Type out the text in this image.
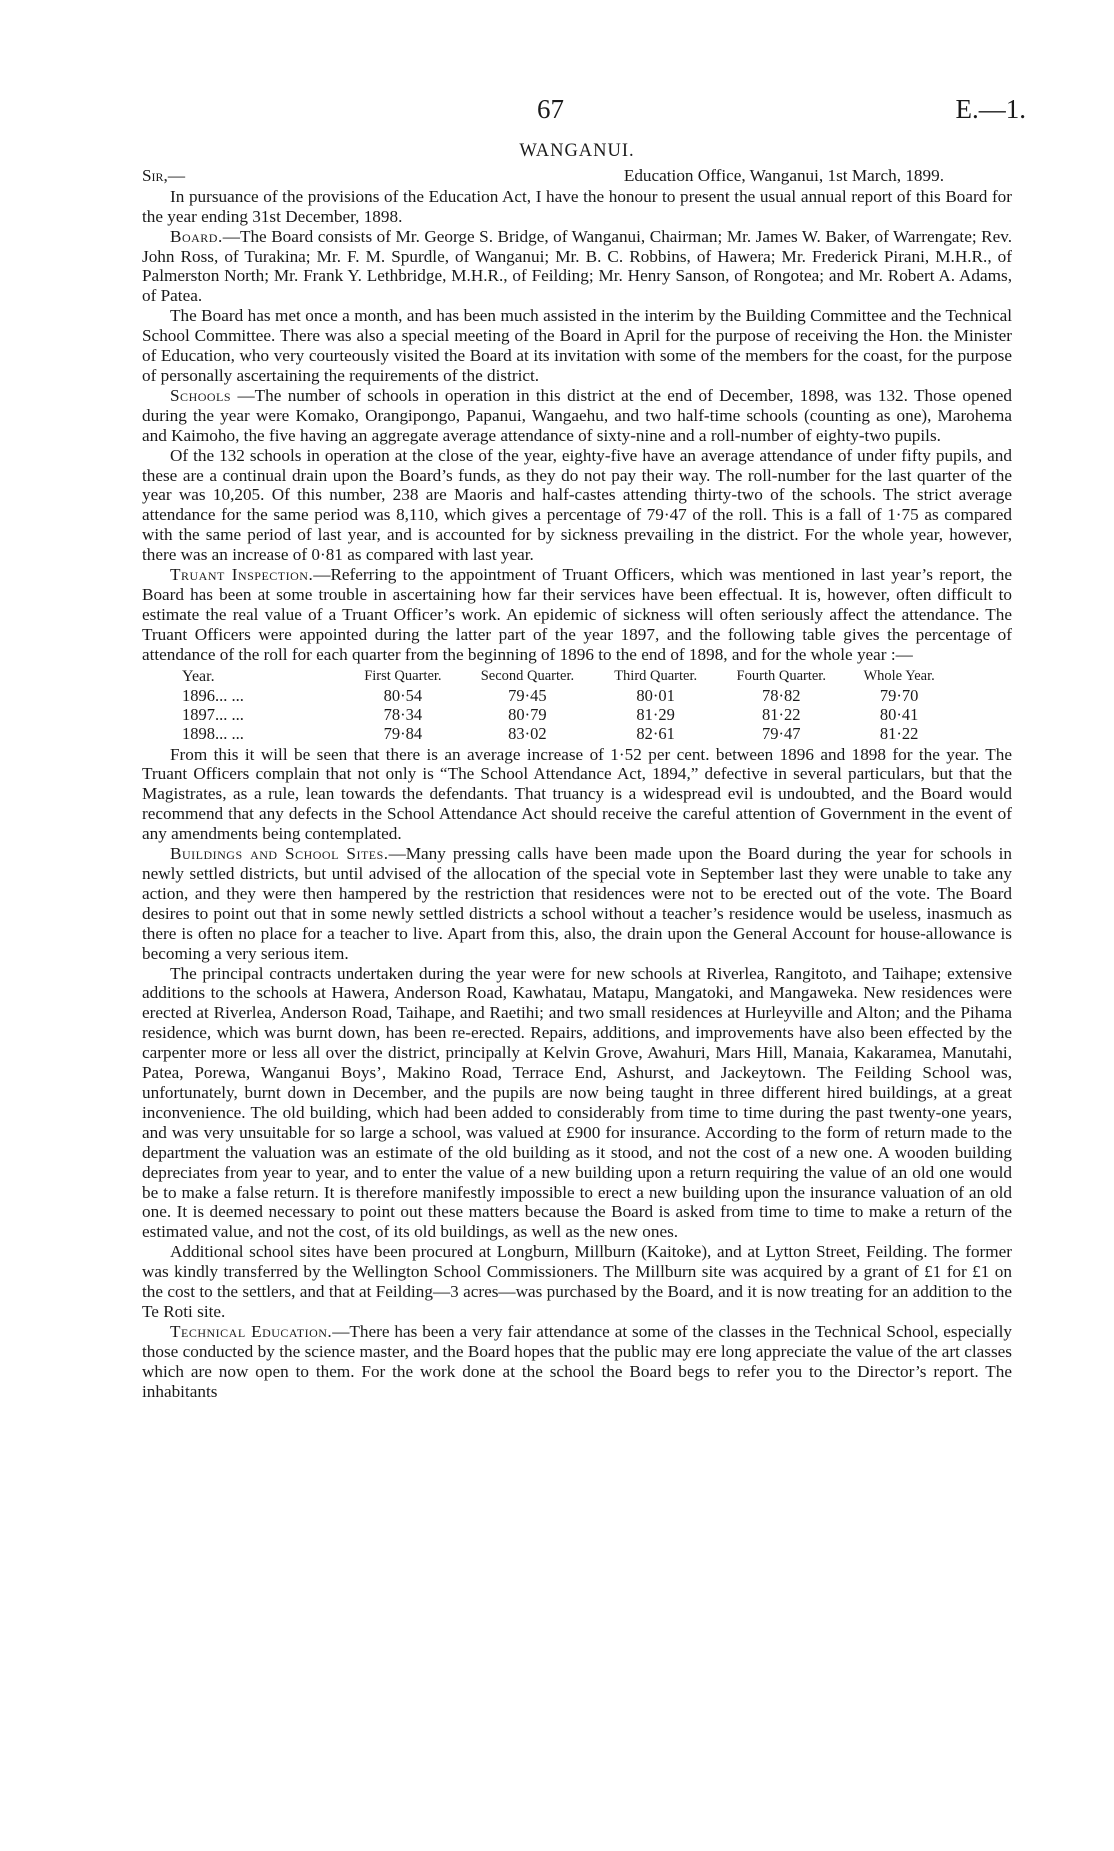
67	E.—1.
WANGANUI.
Sir,—	Education Office, Wanganui, 1st March, 1899.

In pursuance of the provisions of the Education Act, I have the honour to present the usual annual report of this Board for the year ending 31st December, 1898.

Board.—The Board consists of Mr. George S. Bridge, of Wanganui, Chairman; Mr. James W. Baker, of Warrengate; Rev. John Ross, of Turakina; Mr. F. M. Spurdle, of Wanganui; Mr. B. C. Robbins, of Hawera; Mr. Frederick Pirani, M.H.R., of Palmerston North; Mr. Frank Y. Lethbridge, M.H.R., of Feilding; Mr. Henry Sanson, of Rongotea; and Mr. Robert A. Adams, of Patea.

The Board has met once a month, and has been much assisted in the interim by the Building Committee and the Technical School Committee. There was also a special meeting of the Board in April for the purpose of receiving the Hon. the Minister of Education, who very courteously visited the Board at its invitation with some of the members for the coast, for the purpose of personally ascertaining the requirements of the district.

Schools —The number of schools in operation in this district at the end of December, 1898, was 132. Those opened during the year were Komako, Orangipongo, Papanui, Wangaehu, and two half-time schools (counting as one), Marohema and Kaimoho, the five having an aggregate average attendance of sixty-nine and a roll-number of eighty-two pupils.

Of the 132 schools in operation at the close of the year, eighty-five have an average attendance of under fifty pupils, and these are a continual drain upon the Board’s funds, as they do not pay their way. The roll-number for the last quarter of the year was 10,205. Of this number, 238 are Maoris and half-castes attending thirty-two of the schools. The strict average attendance for the same period was 8,110, which gives a percentage of 79·47 of the roll. This is a fall of 1·75 as compared with the same period of last year, and is accounted for by sickness prevailing in the district. For the whole year, however, there was an increase of 0·81 as compared with last year.

Truant Inspection.—Referring to the appointment of Truant Officers, which was mentioned in last year’s report, the Board has been at some trouble in ascertaining how far their services have been effectual. It is, however, often difficult to estimate the real value of a Truant Officer’s work. An epidemic of sickness will often seriously affect the attendance. The Truant Officers were appointed during the latter part of the year 1897, and the following table gives the percentage of attendance of the roll for each quarter from the beginning of 1896 to the end of 1898, and for the whole year :—

Year.	First Quarter.	Second Quarter.	Third Quarter.	Fourth Quarter.	Whole Year.
1896... ...	80·54	79·45	80·01	78·82	79·70
1897... ...	78·34	80·79	81·29	81·22	80·41
1898... ...	79·84	83·02	82·61	79·47	81·22

From this it will be seen that there is an average increase of 1·52 per cent. between 1896 and 1898 for the year. The Truant Officers complain that not only is “The School Attendance Act, 1894,” defective in several particulars, but that the Magistrates, as a rule, lean towards the defendants. That truancy is a widespread evil is undoubted, and the Board would recommend that any defects in the School Attendance Act should receive the careful attention of Government in the event of any amendments being contemplated.

Buildings and School Sites.—Many pressing calls have been made upon the Board during the year for schools in newly settled districts, but until advised of the allocation of the special vote in September last they were unable to take any action, and they were then hampered by the restriction that residences were not to be erected out of the vote. The Board desires to point out that in some newly settled districts a school without a teacher’s residence would be useless, inasmuch as there is often no place for a teacher to live. Apart from this, also, the drain upon the General Account for house-allowance is becoming a very serious item.

The principal contracts undertaken during the year were for new schools at Riverlea, Rangitoto, and Taihape; extensive additions to the schools at Hawera, Anderson Road, Kawhatau, Matapu, Mangatoki, and Mangaweka. New residences were erected at Riverlea, Anderson Road, Taihape, and Raetihi; and two small residences at Hurleyville and Alton; and the Pihama residence, which was burnt down, has been re-erected. Repairs, additions, and improvements have also been effected by the carpenter more or less all over the district, principally at Kelvin Grove, Awahuri, Mars Hill, Manaia, Kakaramea, Manutahi, Patea, Porewa, Wanganui Boys’, Makino Road, Terrace End, Ashurst, and Jackeytown. The Feilding School was, unfortunately, burnt down in December, and the pupils are now being taught in three different hired buildings, at a great inconvenience. The old building, which had been added to considerably from time to time during the past twenty-one years, and was very unsuitable for so large a school, was valued at £900 for insurance. According to the form of return made to the department the valuation was an estimate of the old building as it stood, and not the cost of a new one. A wooden building depreciates from year to year, and to enter the value of a new building upon a return requiring the value of an old one would be to make a false return. It is therefore manifestly impossible to erect a new building upon the insurance valuation of an old one. It is deemed necessary to point out these matters because the Board is asked from time to time to make a return of the estimated value, and not the cost, of its old buildings, as well as the new ones.

Additional school sites have been procured at Longburn, Millburn (Kaitoke), and at Lytton Street, Feilding. The former was kindly transferred by the Wellington School Commissioners. The Millburn site was acquired by a grant of £1 for £1 on the cost to the settlers, and that at Feilding—3 acres—was purchased by the Board, and it is now treating for an addition to the Te Roti site.

Technical Education.—There has been a very fair attendance at some of the classes in the Technical School, especially those conducted by the science master, and the Board hopes that the public may ere long appreciate the value of the art classes which are now open to them. For the work done at the school the Board begs to refer you to the Director’s report. The inhabitants
